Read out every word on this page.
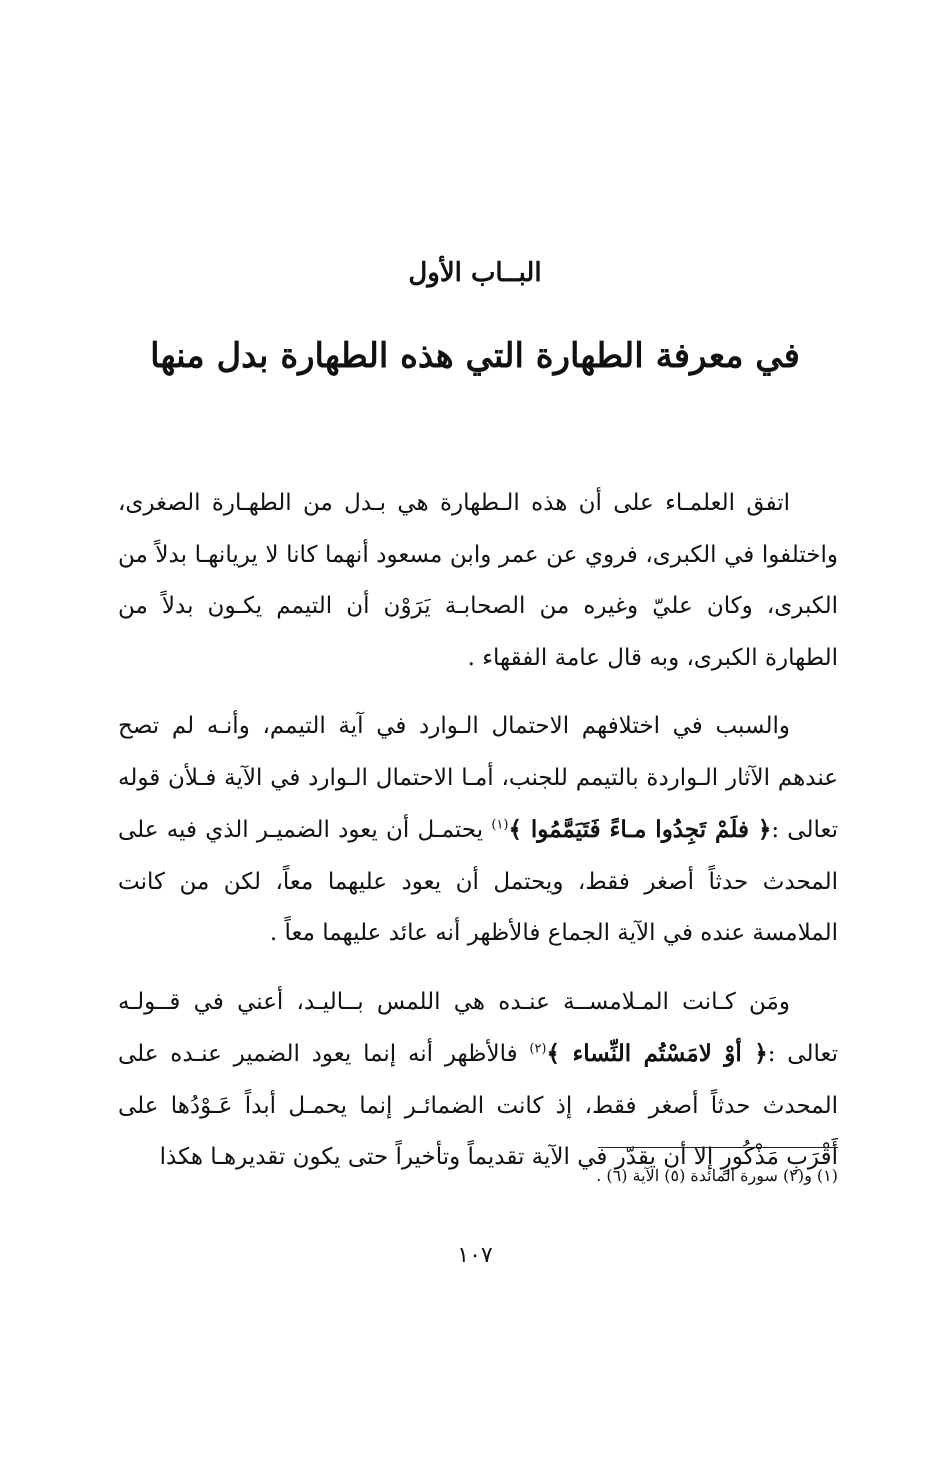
البــاب الأول
في معرفة الطهارة التي هذه الطهارة بدل منها

اتفق العلمـاء على أن هذه الـطهارة هي بـدل من الطهـارة الصغرى، واختلفوا في الكبرى، فروي عن عمر وابن مسعود أنهما كانا لا يريانهـا بدلاً من الكبرى، وكان عليّ وغيره من الصحابـة يَرَوْن أن التيمم يكـون بدلاً من الطهارة الكبرى، وبه قال عامة الفقهاء .

والسبب في اختلافهم الاحتمال الـوارد في آية التيمم، وأنـه لم تصح عندهم الآثار الـواردة بالتيمم للجنب، أمـا الاحتمال الـوارد في الآية فـلأن قوله تعالى :﴿ فلَمْ تَجِدُوا مـاءً فَتَيَمَّمُوا ﴾$^{(١)}$ يحتمـل أن يعود الضميـر الذي فيه على المحدث حدثاً أصغر فقط، ويحتمل أن يعود عليهما معاً، لكن من كانت الملامسة عنده في الآية الجماع فالأظهر أنه عائد عليهما معاً .

ومَن كـانت المـلامســة عنـده هي اللمس بــاليـد، أعني في قــولـه تعالى :﴿ أوْ لامَسْتُم النِّساء ﴾$^{(٢)}$ فالأظهر أنه إنما يعود الضمير عنـده على المحدث حدثاً أصغر فقط، إذ كانت الضمائـر إنما يحمـل أبداً عَـوْدُها على أَقْرَبِ مَذْكُورٍ إلا أن يقدّر في الآية تقديماً وتأخيراً حتى يكون تقديرهـا هكذا

(١) و(٢) سورة المائدة (٥) الآية (٦) .
١٠٧
